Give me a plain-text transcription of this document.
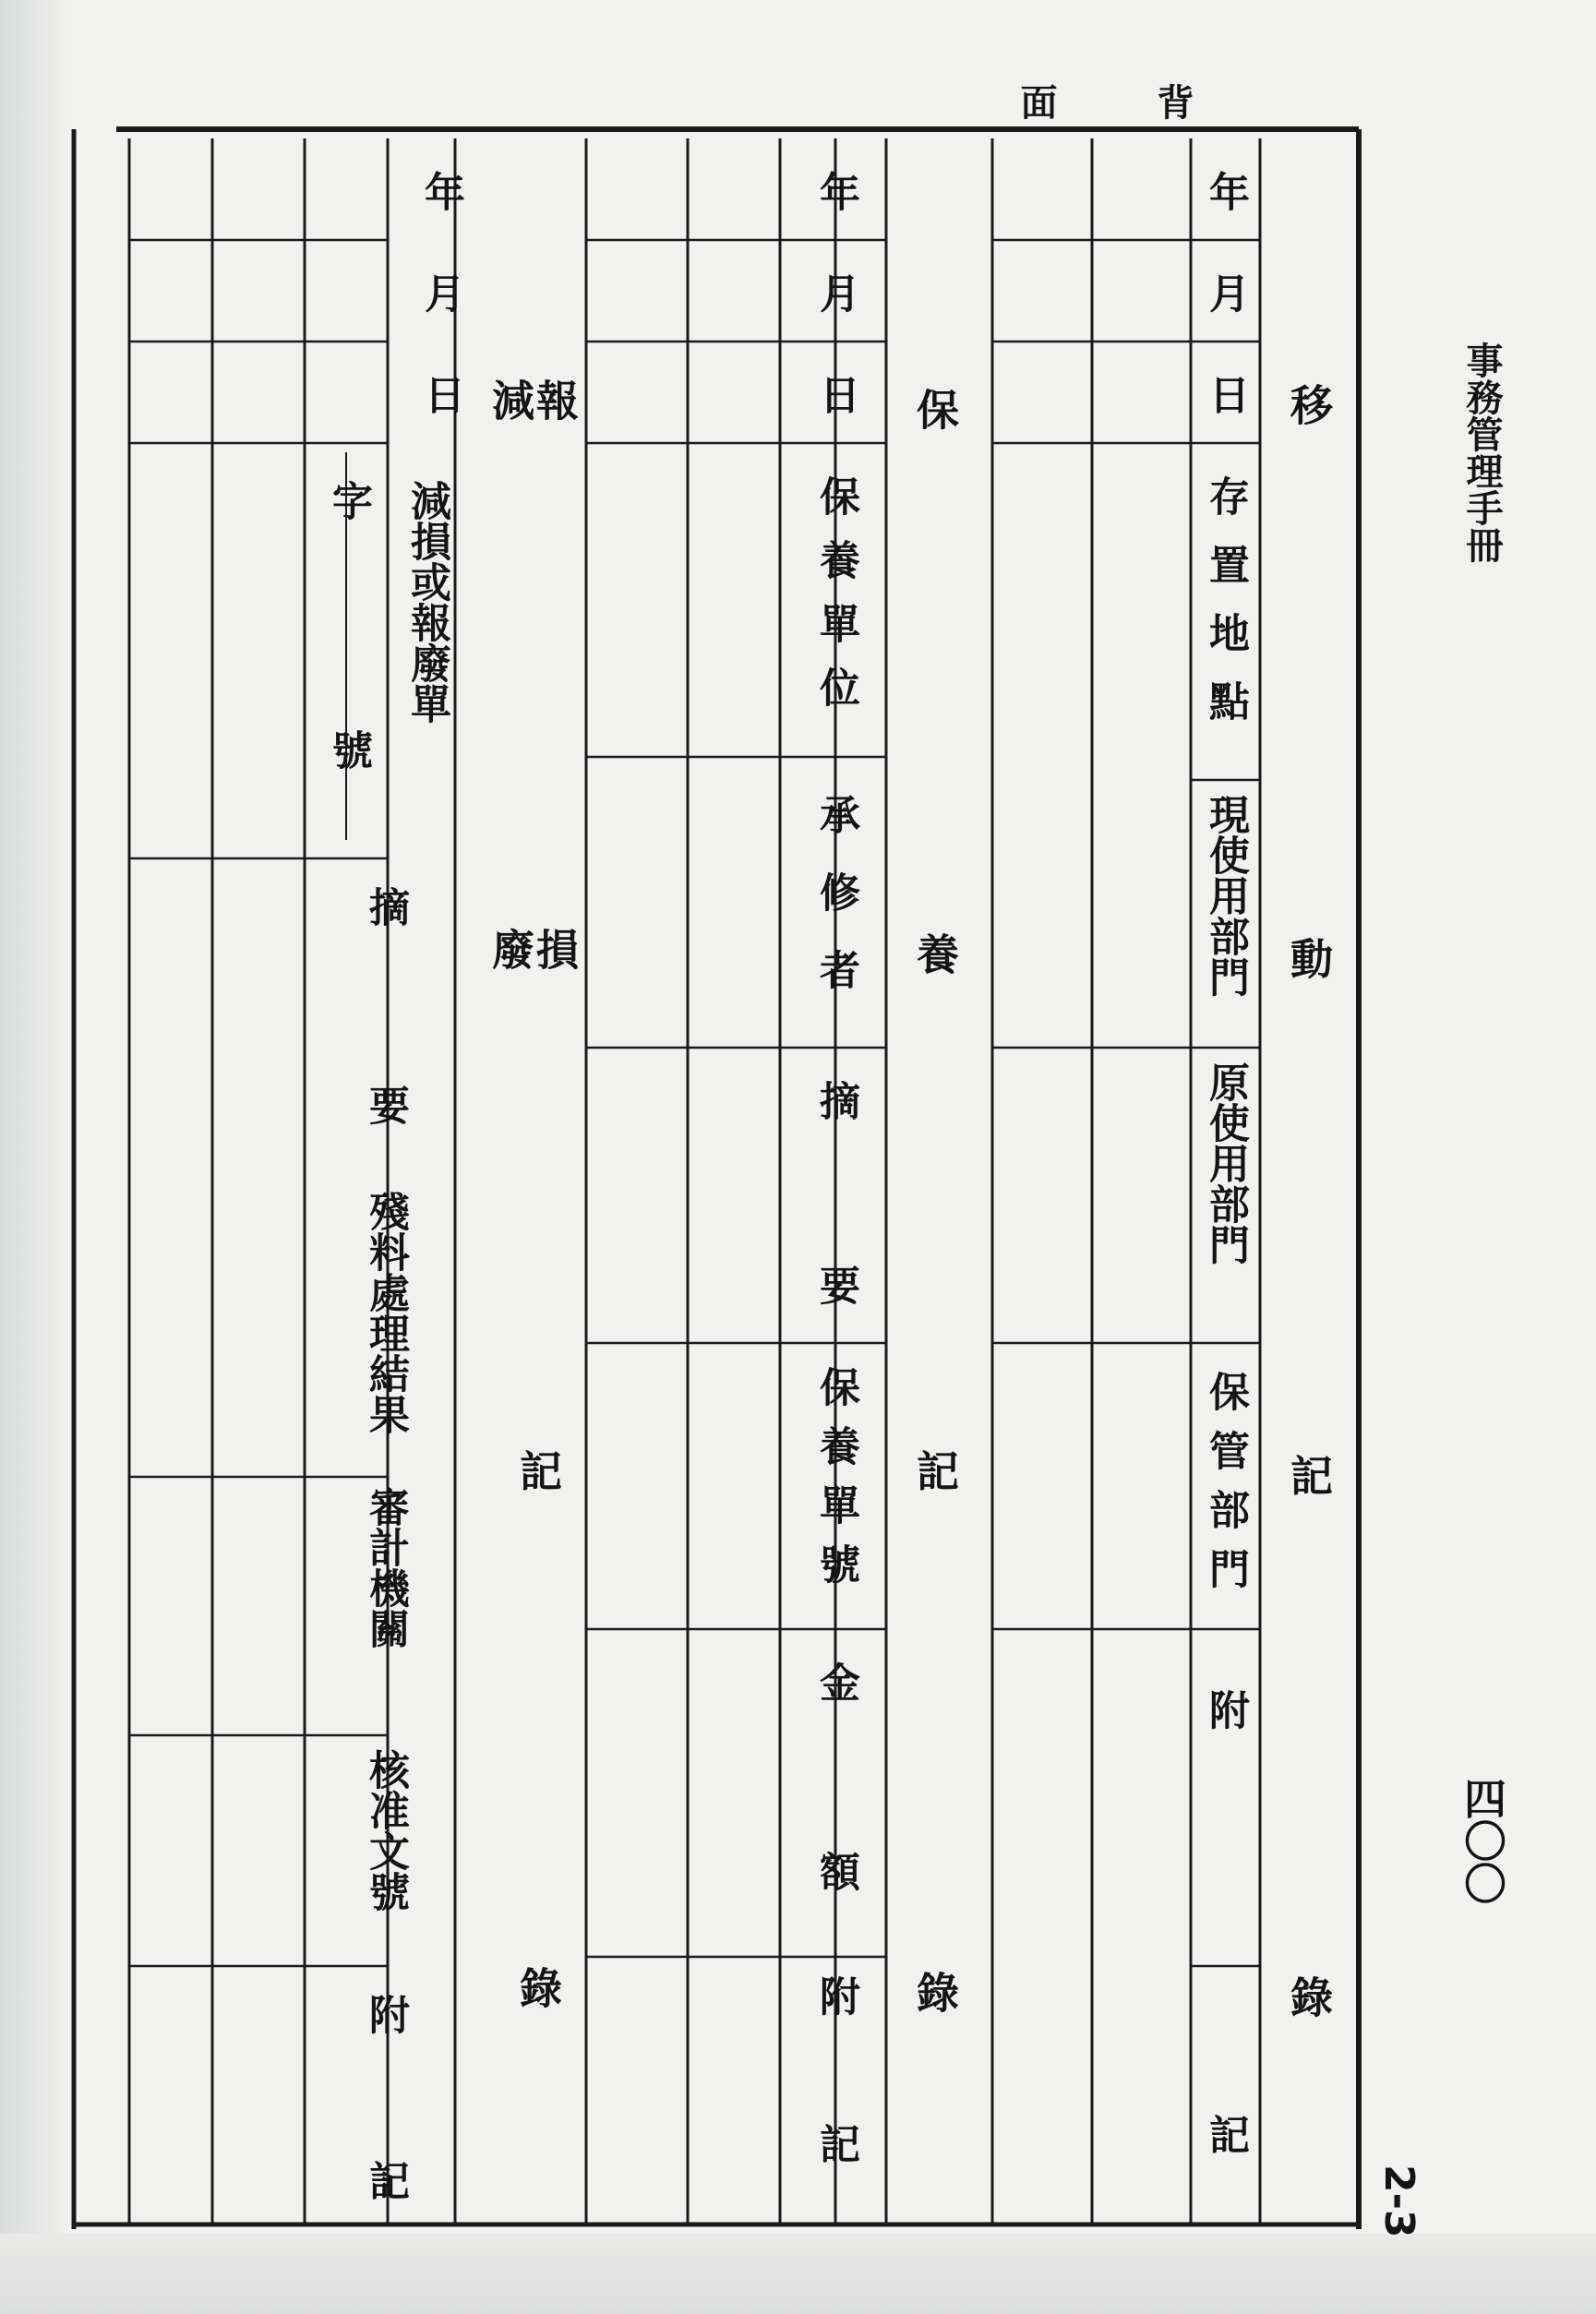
事務管理手冊
四〇〇
2-3
背
面
移
動
記
錄
年
月
日
存置地點
現使用部門
原使用部門
保管部門
附
記
保
養
記
錄
年
月
日
保養單位
承修者
摘
要
保養單號
金
額
附
記
減
報
損
廢
記
錄
年
月
日
減損或報廢單
字
號
摘
要
殘料處理結果
審計機關
核准文號
附
記
